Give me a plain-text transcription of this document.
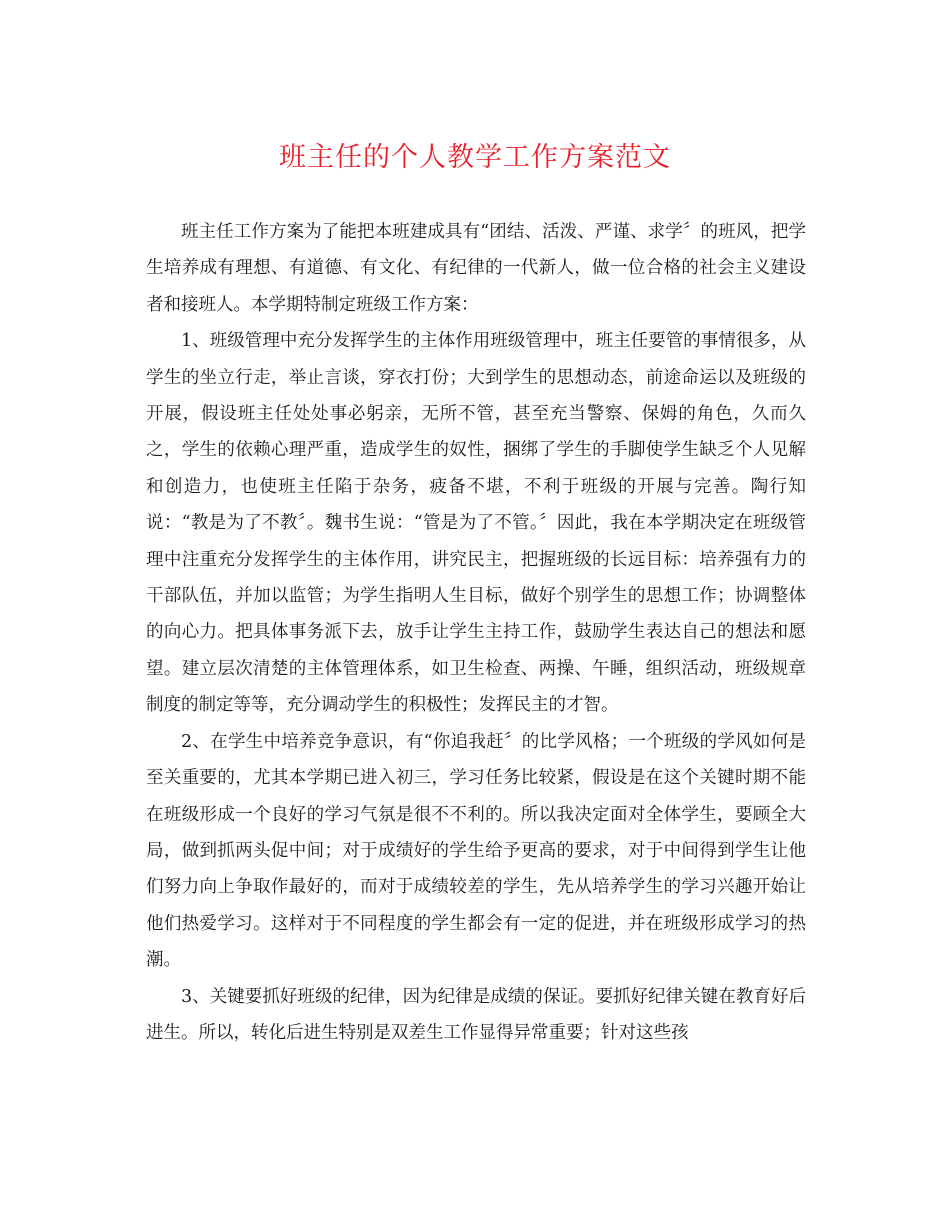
班主任的个人教学工作方案范文

班主任工作方案为了能把本班建成具有“团结、活泼、严谨、求学〞的班风，把学生培养成有理想、有道德、有文化、有纪律的一代新人，做一位合格的社会主义建设者和接班人。本学期特制定班级工作方案：

1、班级管理中充分发挥学生的主体作用班级管理中，班主任要管的事情很多，从学生的坐立行走，举止言谈，穿衣打份；大到学生的思想动态，前途命运以及班级的开展，假设班主任处处事必躬亲，无所不管，甚至充当警察、保姆的角色，久而久之，学生的依赖心理严重，造成学生的奴性，捆绑了学生的手脚使学生缺乏个人见解和创造力，也使班主任陷于杂务，疲备不堪，不利于班级的开展与完善。陶行知说：“教是为了不教〞。魏书生说：“管是为了不管。〞因此，我在本学期决定在班级管理中注重充分发挥学生的主体作用，讲究民主，把握班级的长远目标：培养强有力的干部队伍，并加以监管；为学生指明人生目标，做好个别学生的思想工作；协调整体的向心力。把具体事务派下去，放手让学生主持工作，鼓励学生表达自己的想法和愿望。建立层次清楚的主体管理体系，如卫生检查、两操、午睡，组织活动，班级规章制度的制定等等，充分调动学生的积极性；发挥民主的才智。

2、在学生中培养竞争意识，有“你追我赶〞的比学风格；一个班级的学风如何是至关重要的，尤其本学期已进入初三，学习任务比较紧，假设是在这个关键时期不能在班级形成一个良好的学习气氛是很不不利的。所以我决定面对全体学生，要顾全大局，做到抓两头促中间；对于成绩好的学生给予更高的要求，对于中间得到学生让他们努力向上争取作最好的，而对于成绩较差的学生，先从培养学生的学习兴趣开始让他们热爱学习。这样对于不同程度的学生都会有一定的促进，并在班级形成学习的热潮。

3、关键要抓好班级的纪律，因为纪律是成绩的保证。要抓好纪律关键在教育好后进生。所以，转化后进生特别是双差生工作显得异常重要；针对这些孩
